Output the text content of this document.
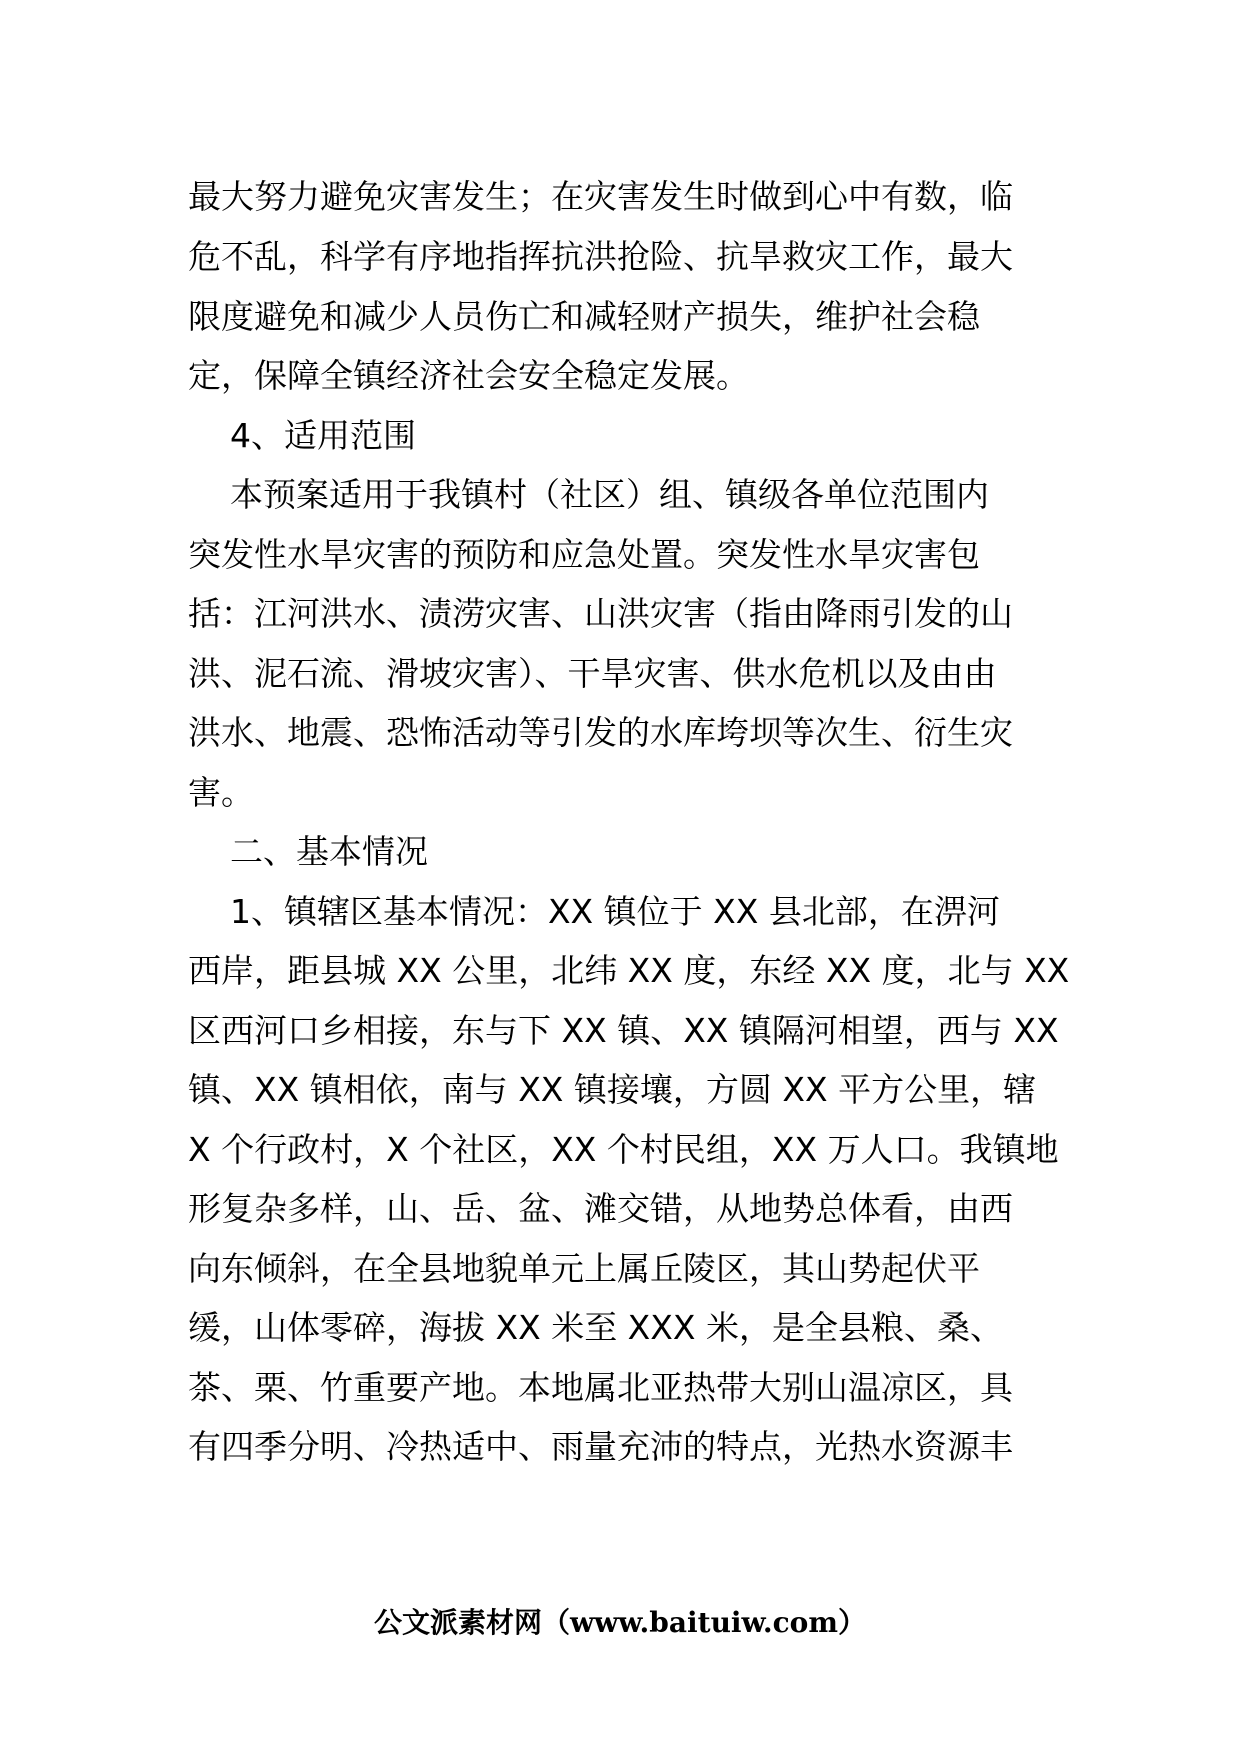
最大努力避免灾害发生；在灾害发生时做到心中有数，临
危不乱，科学有序地指挥抗洪抢险、抗旱救灾工作，最大
限度避免和减少人员伤亡和减轻财产损失，维护社会稳
定，保障全镇经济社会安全稳定发展。
4、适用范围
本预案适用于我镇村（社区）组、镇级各单位范围内
突发性水旱灾害的预防和应急处置。突发性水旱灾害包
括：江河洪水、渍涝灾害、山洪灾害（指由降雨引发的山
洪、泥石流、滑坡灾害）、干旱灾害、供水危机以及由由
洪水、地震、恐怖活动等引发的水库垮坝等次生、衍生灾
害。
二、基本情况
1、镇辖区基本情况：XX 镇位于 XX 县北部，在淠河
西岸，距县城 XX 公里，北纬 XX 度，东经 XX 度，北与 XX
区西河口乡相接，东与下 XX 镇、XX 镇隔河相望，西与 XX
镇、XX 镇相依，南与 XX 镇接壤，方圆 XX 平方公里，辖
X 个行政村，X 个社区，XX 个村民组，XX 万人口。我镇地
形复杂多样，山、岳、盆、滩交错，从地势总体看，由西
向东倾斜，在全县地貌单元上属丘陵区，其山势起伏平
缓，山体零碎，海拔 XX 米至 XXX 米，是全县粮、桑、
茶、栗、竹重要产地。本地属北亚热带大别山温凉区，具
有四季分明、冷热适中、雨量充沛的特点，光热水资源丰
公文派素材网（www.baituiw.com）
